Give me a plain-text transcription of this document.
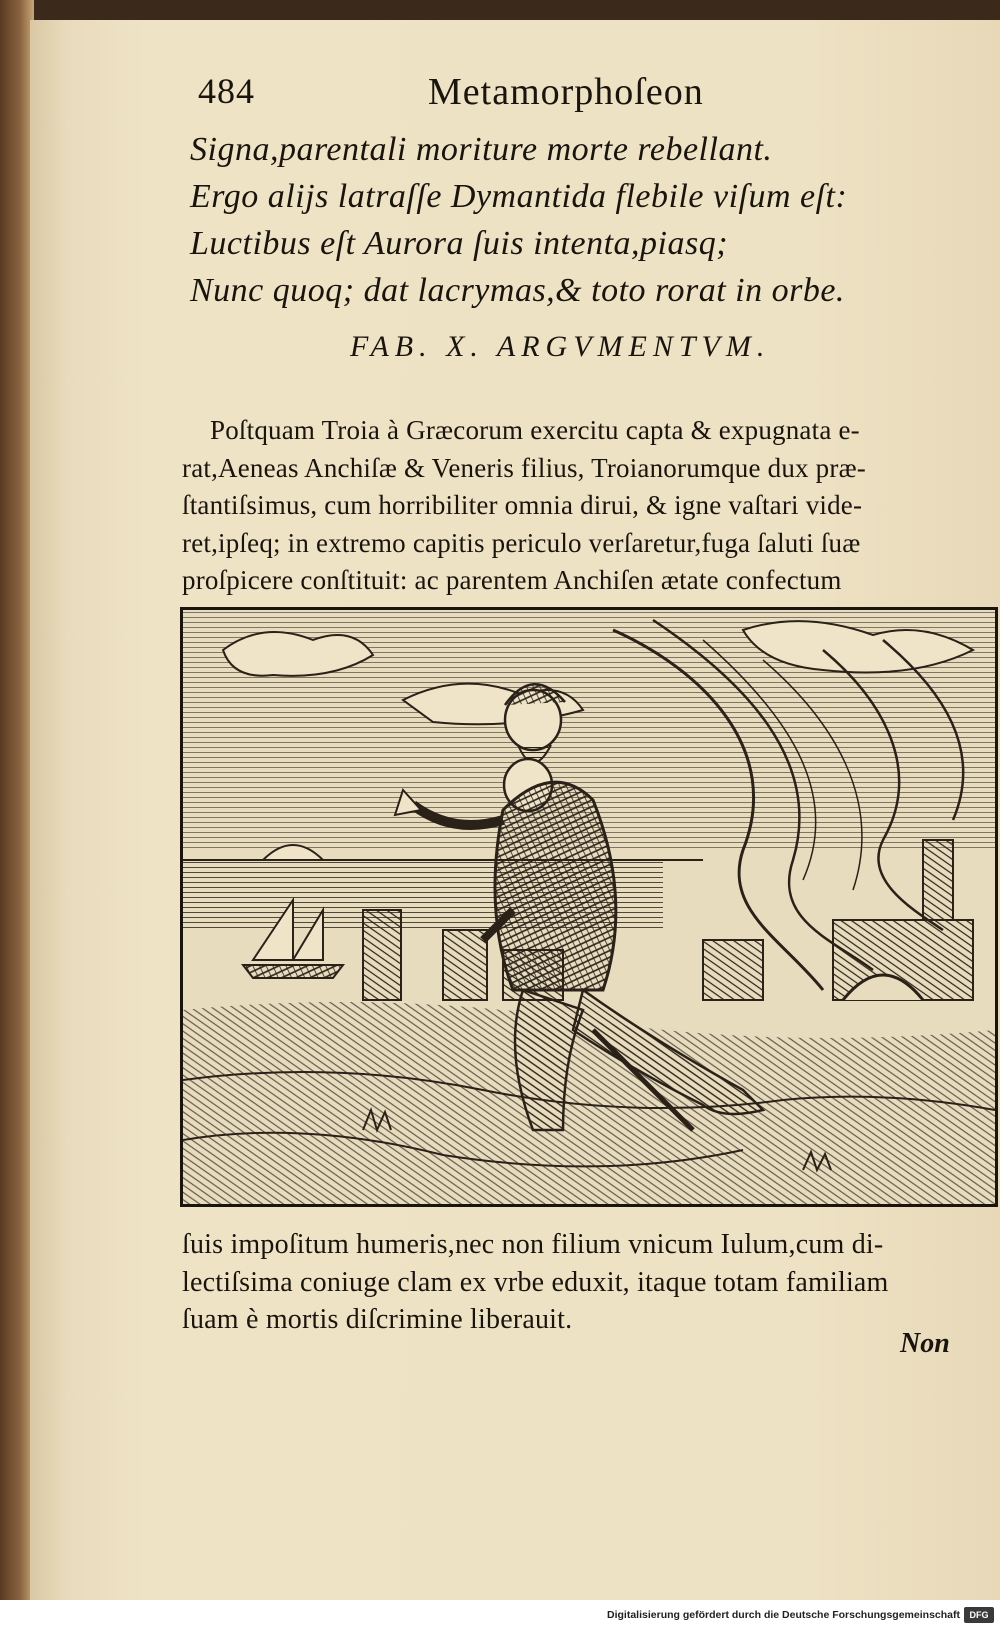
484	Metamorphoſeon
Signa,parentali moriture morte rebellant.
Ergo alijs latraſſe Dymantida flebile viſum eſt:
Luctibus eſt Aurora ſuis intenta,piasq;
Nunc quoq; dat lacrymas,& toto rorat in orbe.
FAB. X. ARGVMENTVM.
Poſtquam Troia à Græcorum exercitu capta & expugnata e-
rat,Aeneas Anchiſæ & Veneris filius, Troianorumque dux præ-
ſtantiſsimus, cum horribiliter omnia dirui, & igne vaſtari vide-
ret,ipſeq; in extremo capitis periculo verſaretur,fuga ſaluti ſuæ
proſpicere conſtituit: ac parentem Anchiſen ætate confectum
ſuis impoſitum humeris,nec non filium vnicum Iulum,cum di-
lectiſsima coniuge clam ex vrbe eduxit, itaque totam familiam
ſuam è mortis diſcrimine liberauit.
Non
Digitalisierung gefördert durch die Deutsche Forschungsgemeinschaft	DFG
